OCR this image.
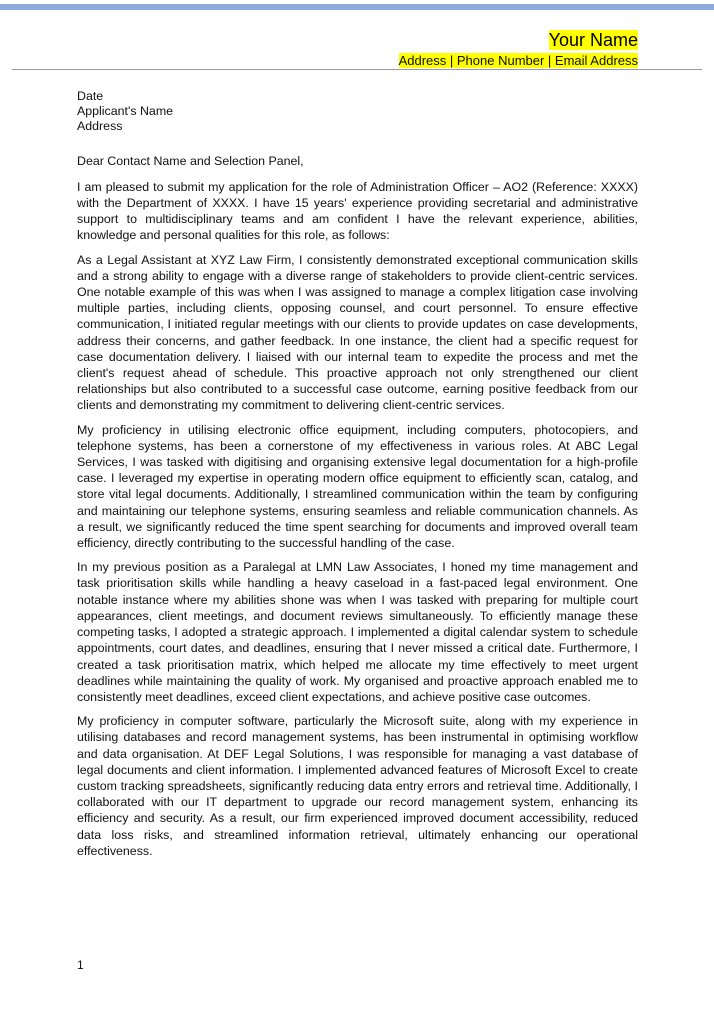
Your Name
Address | Phone Number | Email Address
Date
Applicant's Name
Address

Dear Contact Name and Selection Panel,

I am pleased to submit my application for the role of Administration Officer – AO2 (Reference: XXXX) with the Department of XXXX. I have 15 years' experience providing secretarial and administrative support to multidisciplinary teams and am confident I have the relevant experience, abilities, knowledge and personal qualities for this role, as follows:

As a Legal Assistant at XYZ Law Firm, I consistently demonstrated exceptional communication skills and a strong ability to engage with a diverse range of stakeholders to provide client-centric services. One notable example of this was when I was assigned to manage a complex litigation case involving multiple parties, including clients, opposing counsel, and court personnel. To ensure effective communication, I initiated regular meetings with our clients to provide updates on case developments, address their concerns, and gather feedback. In one instance, the client had a specific request for case documentation delivery. I liaised with our internal team to expedite the process and met the client's request ahead of schedule. This proactive approach not only strengthened our client relationships but also contributed to a successful case outcome, earning positive feedback from our clients and demonstrating my commitment to delivering client-centric services.

My proficiency in utilising electronic office equipment, including computers, photocopiers, and telephone systems, has been a cornerstone of my effectiveness in various roles. At ABC Legal Services, I was tasked with digitising and organising extensive legal documentation for a high-profile case. I leveraged my expertise in operating modern office equipment to efficiently scan, catalog, and store vital legal documents. Additionally, I streamlined communication within the team by configuring and maintaining our telephone systems, ensuring seamless and reliable communication channels. As a result, we significantly reduced the time spent searching for documents and improved overall team efficiency, directly contributing to the successful handling of the case.

In my previous position as a Paralegal at LMN Law Associates, I honed my time management and task prioritisation skills while handling a heavy caseload in a fast-paced legal environment. One notable instance where my abilities shone was when I was tasked with preparing for multiple court appearances, client meetings, and document reviews simultaneously. To efficiently manage these competing tasks, I adopted a strategic approach. I implemented a digital calendar system to schedule appointments, court dates, and deadlines, ensuring that I never missed a critical date. Furthermore, I created a task prioritisation matrix, which helped me allocate my time effectively to meet urgent deadlines while maintaining the quality of work. My organised and proactive approach enabled me to consistently meet deadlines, exceed client expectations, and achieve positive case outcomes.

My proficiency in computer software, particularly the Microsoft suite, along with my experience in utilising databases and record management systems, has been instrumental in optimising workflow and data organisation. At DEF Legal Solutions, I was responsible for managing a vast database of legal documents and client information. I implemented advanced features of Microsoft Excel to create custom tracking spreadsheets, significantly reducing data entry errors and retrieval time. Additionally, I collaborated with our IT department to upgrade our record management system, enhancing its efficiency and security. As a result, our firm experienced improved document accessibility, reduced data loss risks, and streamlined information retrieval, ultimately enhancing our operational effectiveness.

1
